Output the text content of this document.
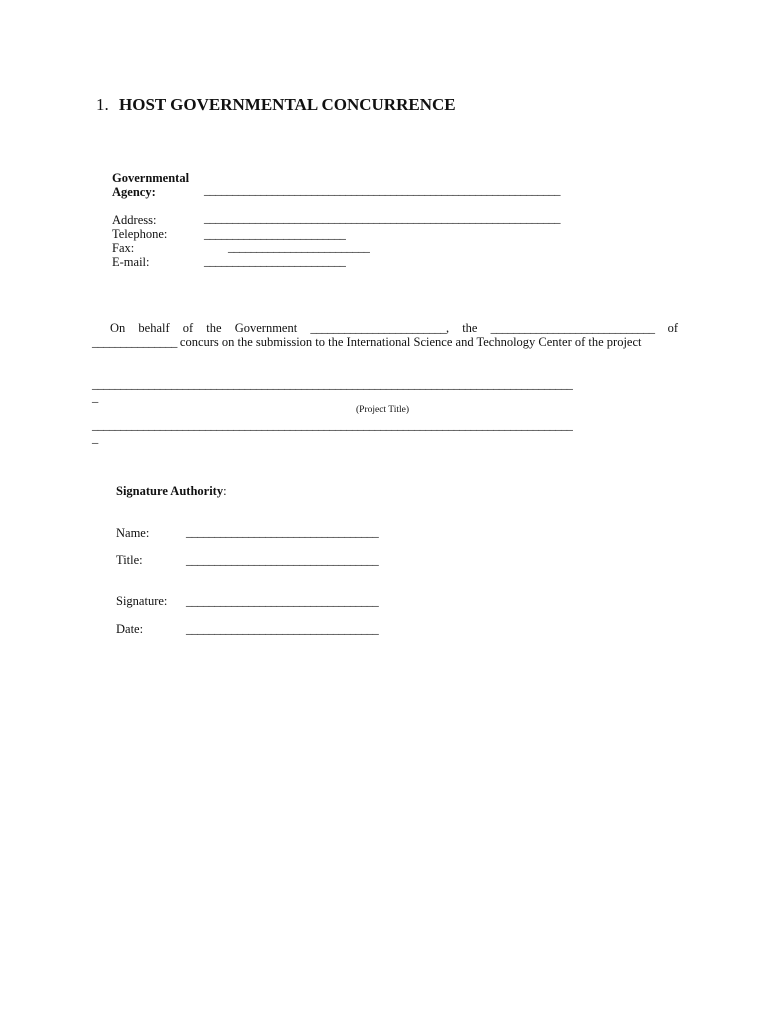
1. HOST GOVERNMENTAL CONCURRENCE
Governmental
Agency:	_______________________________________________________________
Address:	_______________________________________________________________
Telephone:	_________________________
Fax:	_________________________
E-mail:	_________________________
On behalf of the Government ________________________, the _____________________________ of _______________ concurs on the submission to the International Science and Technology Center of the project
_____________________________________________________________________________________
_
(Project Title)
_____________________________________________________________________________________
_
Signature Authority:
Name:	__________________________________
Title:	__________________________________
Signature: __________________________________
Date:	__________________________________
